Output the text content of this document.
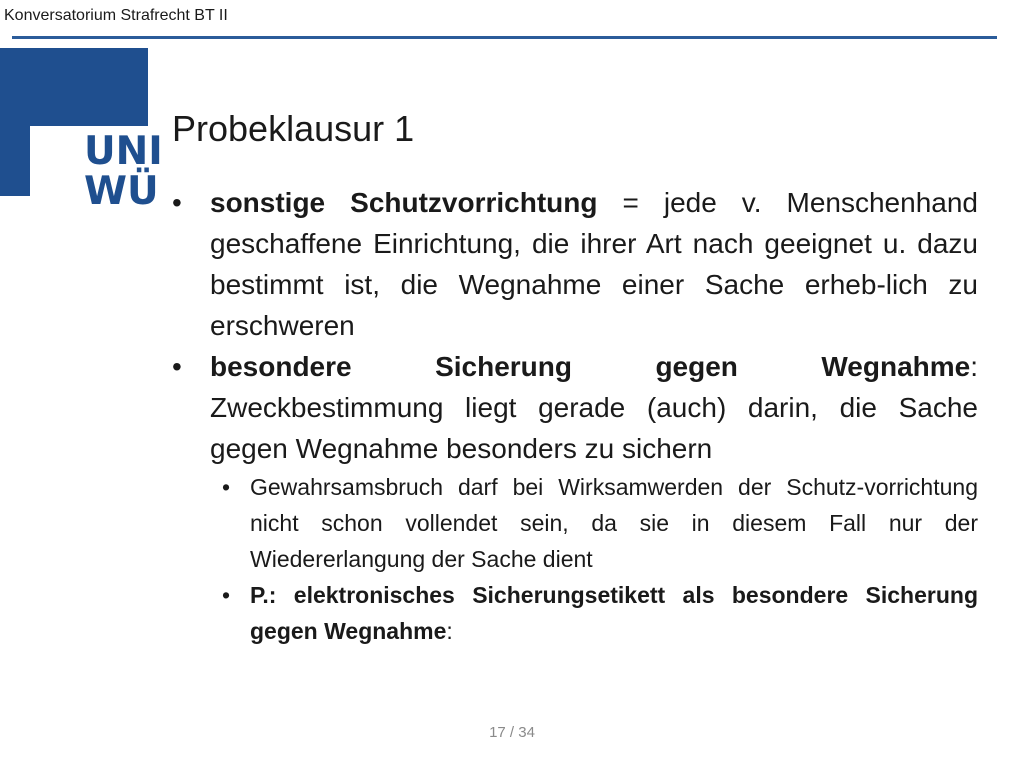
Konversatorium Strafrecht BT II
UNI
WÜ
Probeklausur 1
•	sonstige Schutzvorrichtung = jede v. Menschenhand geschaffene Einrichtung, die ihrer Art nach geeignet u. dazu bestimmt ist, die Wegnahme einer Sache erheb-lich zu erschweren
•	besondere Sicherung gegen Wegnahme: Zweckbestimmung liegt gerade (auch) darin, die Sache gegen Wegnahme besonders zu sichern
• Gewahrsamsbruch darf bei Wirksamwerden der Schutz-vorrichtung nicht schon vollendet sein, da sie in diesem Fall nur der Wiedererlangung der Sache dient
• P.: elektronisches Sicherungsetikett als besondere Sicherung gegen Wegnahme:
17 / 34
